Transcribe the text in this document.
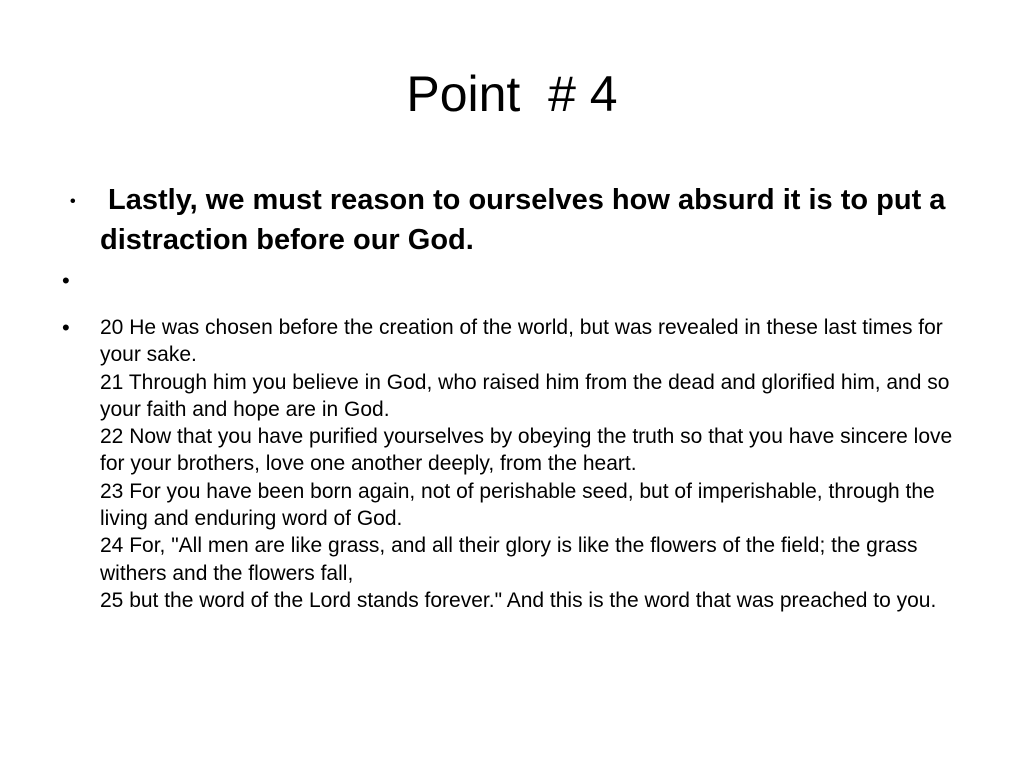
Point  # 4
• Lastly, we must reason to ourselves how absurd it is to put a distraction before our God.
•
• 20 He was chosen before the creation of the world, but was revealed in these last times for your sake.
21 Through him you believe in God, who raised him from the dead and glorified him, and so your faith and hope are in God.
22 Now that you have purified yourselves by obeying the truth so that you have sincere love for your brothers, love one another deeply, from the heart.
23 For you have been born again, not of perishable seed, but of imperishable, through the living and enduring word of God.
24 For, "All men are like grass, and all their glory is like the flowers of the field; the grass withers and the flowers fall,
25 but the word of the Lord stands forever." And this is the word that was preached to you.
